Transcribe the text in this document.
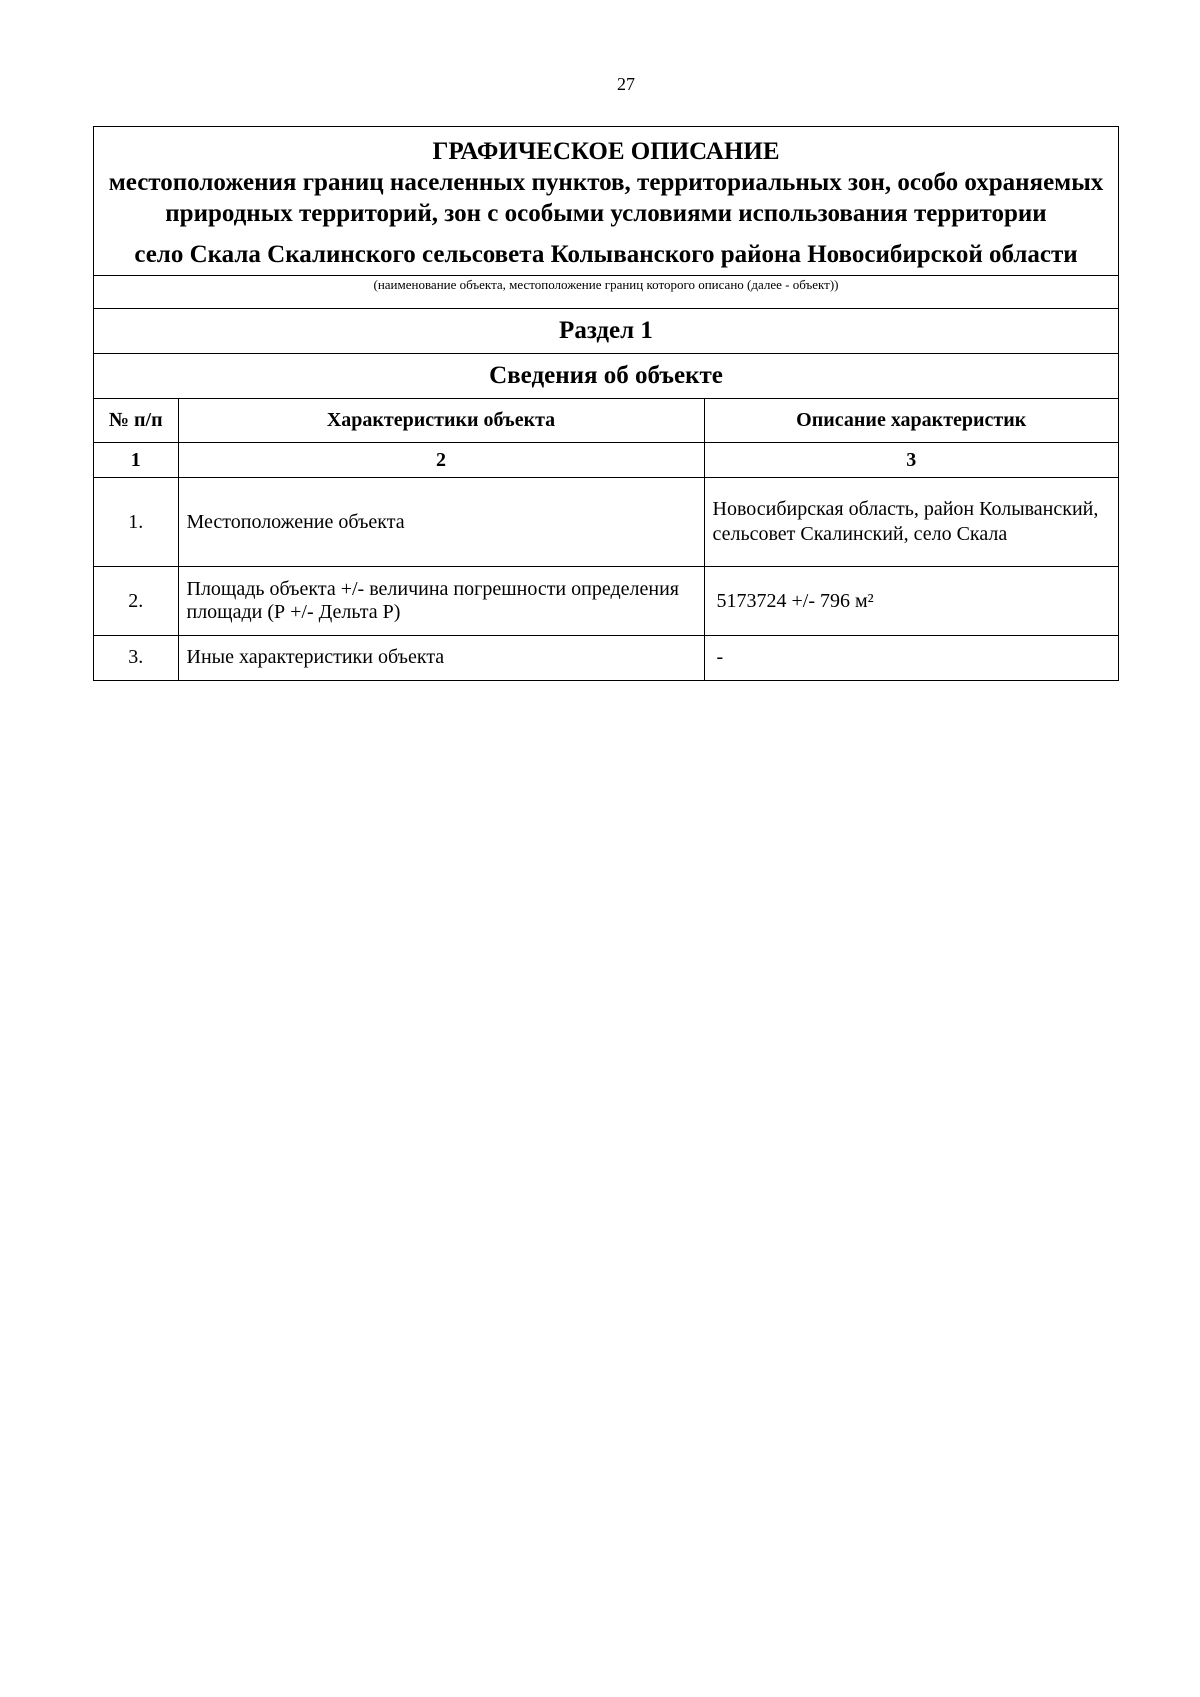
27
ГРАФИЧЕСКОЕ ОПИСАНИЕ
местоположения границ населенных пунктов, территориальных зон, особо охраняемых природных территорий, зон с особыми условиями использования территории
село Скала Скалинского сельсовета Колыванского района Новосибирской области
(наименование объекта, местоположение границ которого описано (далее - объект))
Раздел 1
Сведения об объекте
№ п/п	Характеристики объекта	Описание характеристик
1	2	3
1.	Местоположение объекта	Новосибирская область, район Колыванский, сельсовет Скалинский, село Скала
2.	Площадь объекта +/- величина погрешности определения площади (Р +/- Дельта Р)	5173724 +/- 796 м²
3.	Иные характеристики объекта	-
